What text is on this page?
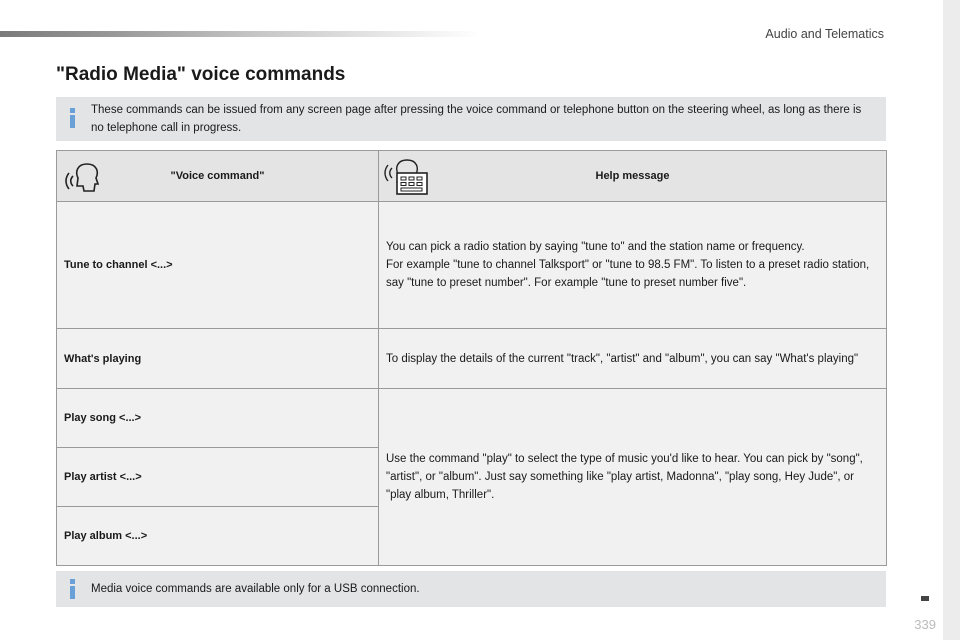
Audio and Telematics
"Radio Media" voice commands
These commands can be issued from any screen page after pressing the voice command or telephone button on the steering wheel, as long as there is no telephone call in progress.
"Voice command"	Help message

Tune to channel <...>	You can pick a radio station by saying "tune to" and the station name or frequency.
For example "tune to channel Talksport" or "tune to 98.5 FM". To listen to a preset radio station, say "tune to preset number". For example "tune to preset number five".

What's playing	To display the details of the current "track", "artist" and "album", you can say "What's playing"

Play song <...>	Use the command "play" to select the type of music you'd like to hear. You can pick by "song", "artist", or "album". Just say something like "play artist, Madonna", "play song, Hey Jude", or "play album, Thriller".

Play artist <...>	
Play album <...>	
Media voice commands are available only for a USB connection.
339
